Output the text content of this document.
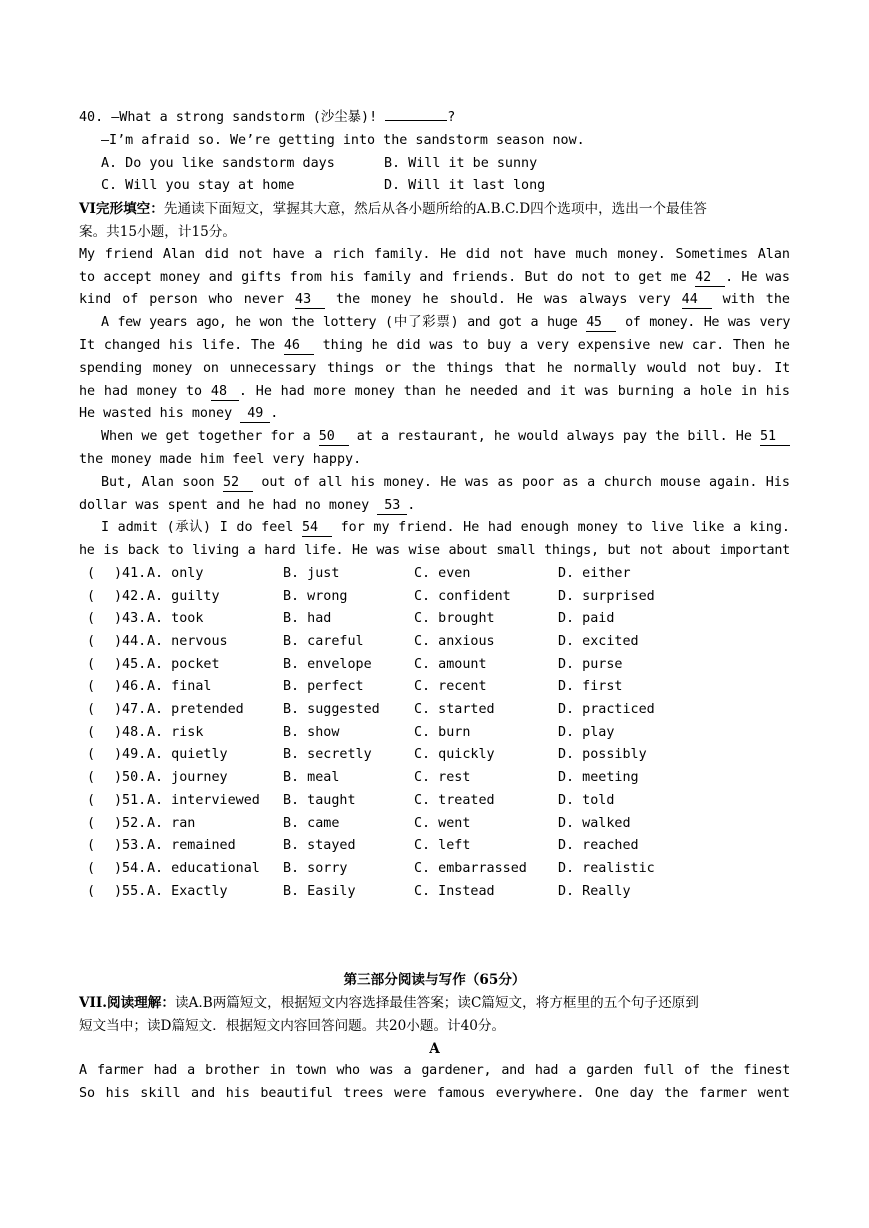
40. —What a strong sandstorm (沙尘暴)!	?
—I’m afraid so. We’re getting into the sandstorm season now.
A. Do you like sandstorm days	B. Will it be sunny
C. Will you stay at home	D. Will it last long
VI完形填空：先通读下面短文，掌握其大意，然后从各小题所给的A.B.C.D四个选项中，选出一个最佳答
案。共15小题，计15分。
My friend Alan did not have a rich family. He did not have much money. Sometimes Alan
to accept money and gifts from his family and friends. But do not to get me 42 . He was
kind of person who never 43 the money he should. He was always very 44 with the
A few years ago, he won the lottery (中了彩票) and got a huge 45 of money. He was very
It changed his life. The 46 thing he did was to buy a very expensive new car. Then he
spending money on unnecessary things or the things that he normally would not buy. It
he had money to 48 . He had more money than he needed and it was burning a hole in his
He wasted his money 49 .
When we get together for a 50 at a restaurant, he would always pay the bill. He 51
the money made him feel very happy.
But, Alan soon 52 out of all his money. He was as poor as a church mouse again. His
dollar was spent and he had no money 53 .
I admit (承认) I do feel 54 for my friend. He had enough money to live like a king.
he is back to living a hard life. He was wise about small things, but not about important
( )41. A. only	B. just	C. even	D. either
( )42. A. guilty	B. wrong	C. confident	D. surprised
( )43. A. took	B. had	C. brought	D. paid
( )44. A. nervous	B. careful	C. anxious	D. excited
( )45. A. pocket	B. envelope	C. amount	D. purse
( )46. A. final	B. perfect	C. recent	D. first
( )47. A. pretended	B. suggested	C. started	D. practiced
( )48. A. risk	B. show	C. burn	D. play
( )49. A. quietly	B. secretly	C. quickly	D. possibly
( )50. A. journey	B. meal	C. rest	D. meeting
( )51. A. interviewed B. taught	C. treated	D. told
( )52. A. ran	B. came	C. went	D. walked
( )53. A. remained	B. stayed	C. left	D. reached
( )54. A. educational B. sorry	C. embarrassed D. realistic
( )55. A. Exactly	B. Easily	C. Instead	D. Really
第三部分阅读与写作（65分）
VII.阅读理解：读A.B两篇短文，根据短文内容选择最佳答案；读C篇短文，将方框里的五个句子还原到
短文当中；读D篇短文．根据短文内容回答问题。共20小题。计40分。
A
A farmer had a brother in town who was a gardener, and had a garden full of the finest
So his skill and his beautiful trees were famous everywhere. One day the farmer went
